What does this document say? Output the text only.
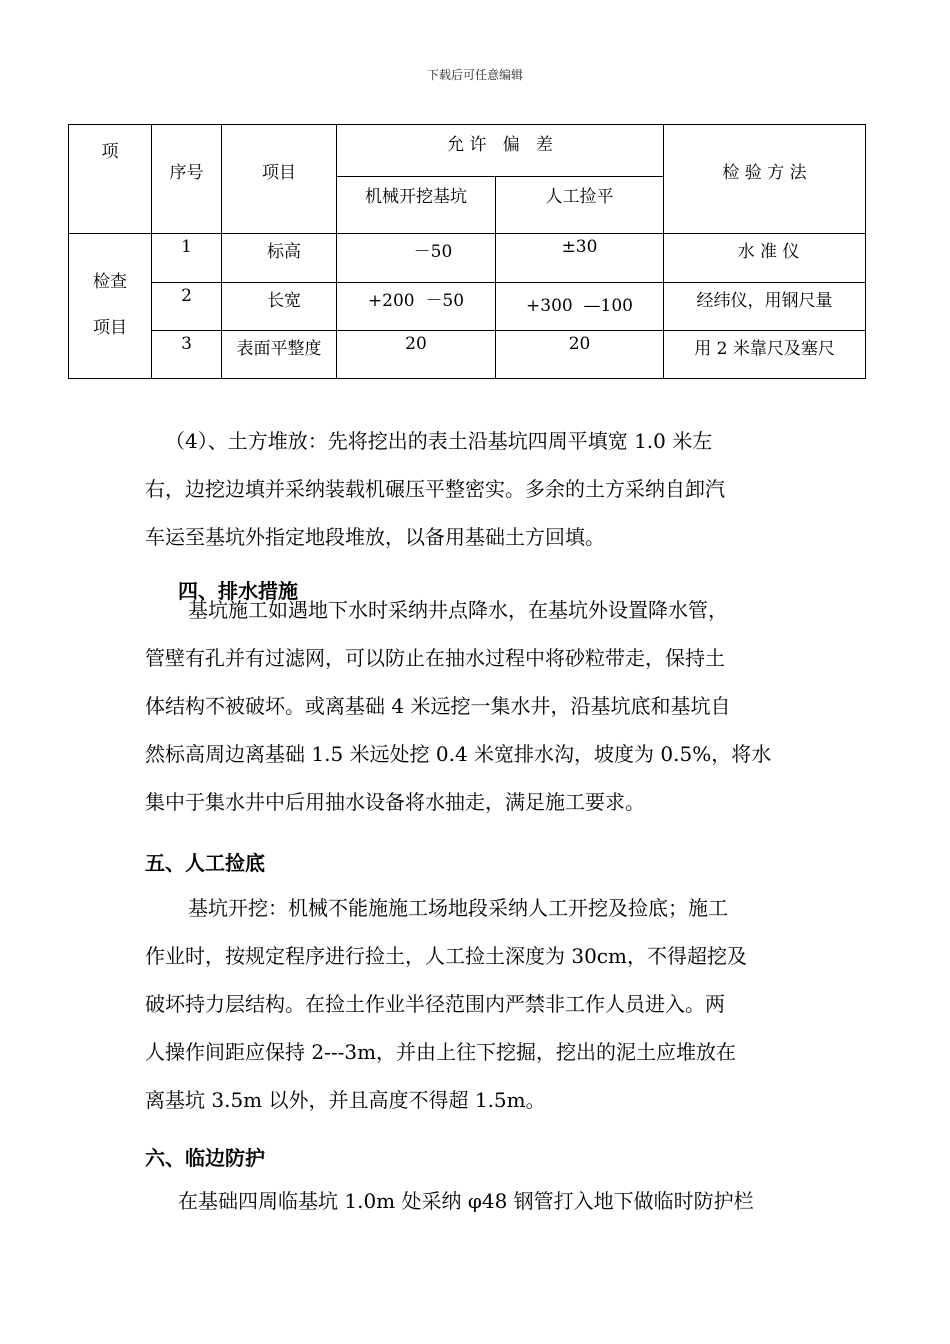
下载后可任意编辑
项	序号	项目	允 许   偏   差		检 验 方 法

			机械开挖基坑	人工捡平	

检查
项目	1	标高	－50	±30	水 准 仪

	2	长宽	+200  －50	+300  —100	经纬仪，用钢尺量

	3	表面平整度	20	20	用 2 米靠尺及塞尺

（4）、土方堆放：先将挖出的表土沿基坑四周平填宽 1.0 米左

右，边挖边填并采纳装载机碾压平整密实。多余的土方采纳自卸汽

车运至基坑外指定地段堆放，以备用基础土方回填。

四、排水措施

基坑施工如遇地下水时采纳井点降水，在基坑外设置降水管，

管壁有孔并有过滤网，可以防止在抽水过程中将砂粒带走，保持土

体结构不被破坏。或离基础 4 米远挖一集水井，沿基坑底和基坑自

然标高周边离基础 1.5 米远处挖 0.4 米宽排水沟，坡度为 0.5%，将水

集中于集水井中后用抽水设备将水抽走，满足施工要求。

五、人工捡底

基坑开挖：机械不能施施工场地段采纳人工开挖及捡底；施工

作业时，按规定程序进行捡土，人工捡土深度为 30cm，不得超挖及

破坏持力层结构。在捡土作业半径范围内严禁非工作人员进入。两

人操作间距应保持 2---3m，并由上往下挖掘，挖出的泥土应堆放在

离基坑 3.5m 以外，并且高度不得超 1.5m。

六、临边防护

在基础四周临基坑 1.0m 处采纳 φ48 钢管打入地下做临时防护栏
